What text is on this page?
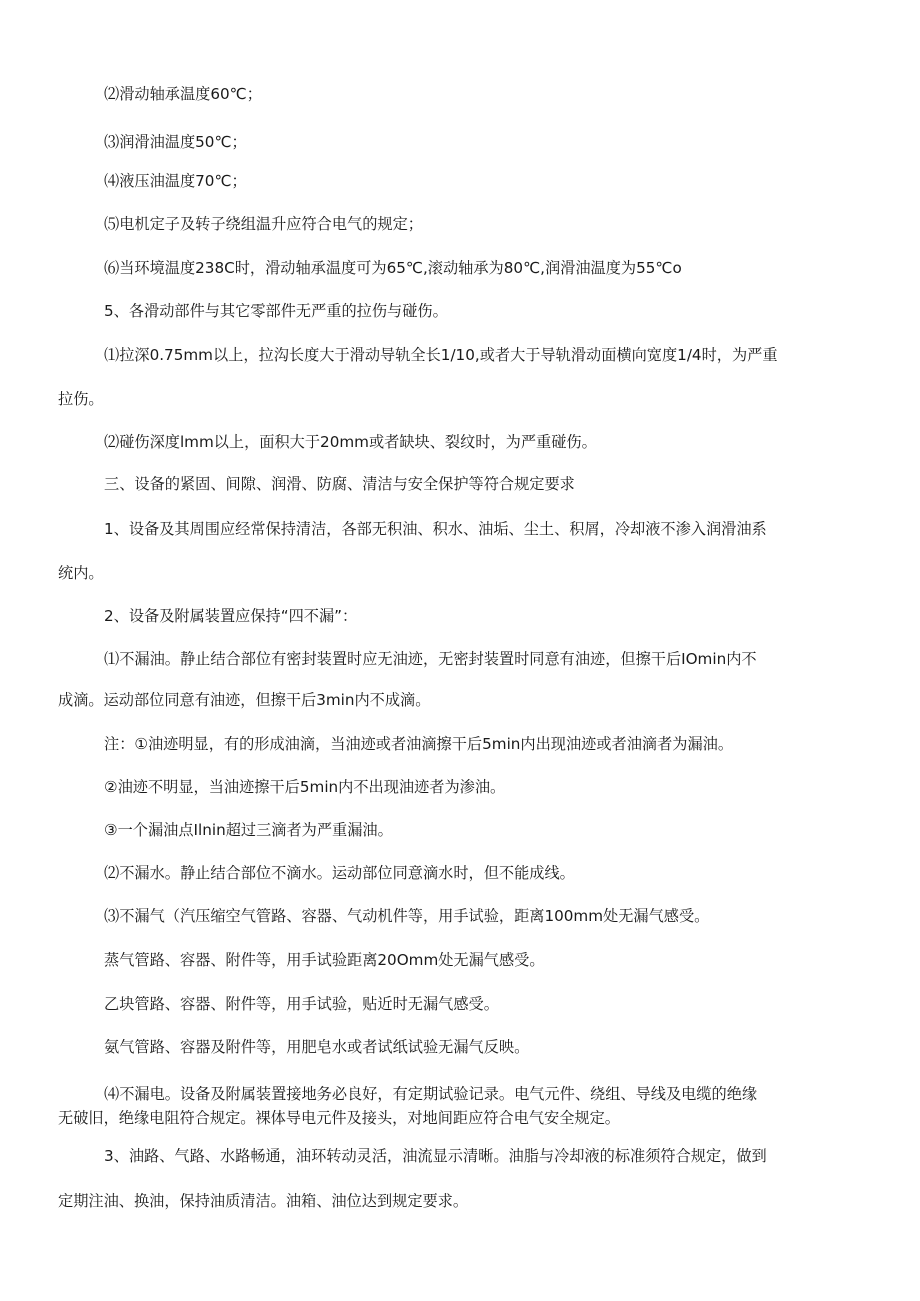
⑵滑动轴承温度60℃；

⑶润滑油温度50℃；

⑷液压油温度70℃；

⑸电机定子及转子绕组温升应符合电气的规定；

⑹当环境温度238C时，滑动轴承温度可为65℃,滚动轴承为80℃,润滑油温度为55℃o

5、各滑动部件与其它零部件无严重的拉伤与碰伤。

⑴拉深0.75mm以上，拉沟长度大于滑动导轨全长1/10,或者大于导轨滑动面横向宽度1/4时，为严重

拉伤。

⑵碰伤深度lmm以上，面积大于20mm或者缺块、裂纹时，为严重碰伤。

三、设备的紧固、间隙、润滑、防腐、清洁与安全保护等符合规定要求

1、设备及其周围应经常保持清洁，各部无积油、积水、油垢、尘土、积屑，冷却液不渗入润滑油系

统内。

2、设备及附属装置应保持“四不漏”：

⑴不漏油。静止结合部位有密封装置时应无油迹，无密封装置时同意有油迹，但擦干后IOmin内不

成滴。运动部位同意有油迹，但擦干后3min内不成滴。

注：①油迹明显，有的形成油滴，当油迹或者油滴擦干后5min内出现油迹或者油滴者为漏油。

②油迹不明显，当油迹擦干后5min内不出现油迹者为渗油。

③一个漏油点Ilnin超过三滴者为严重漏油。

⑵不漏水。静止结合部位不滴水。运动部位同意滴水时，但不能成线。

⑶不漏气（汽压缩空气管路、容器、气动机件等，用手试验，距离100mm处无漏气感受。

蒸气管路、容器、附件等，用手试验距离20Omm处无漏气感受。

乙块管路、容器、附件等，用手试验，贴近时无漏气感受。

氨气管路、容器及附件等，用肥皂水或者试纸试验无漏气反映。

⑷不漏电。设备及附属装置接地务必良好，有定期试验记录。电气元件、绕组、导线及电缆的绝缘

无破旧，绝缘电阻符合规定。裸体导电元件及接头，对地间距应符合电气安全规定。

3、油路、气路、水路畅通，油环转动灵活，油流显示清晰。油脂与冷却液的标准须符合规定，做到

定期注油、换油，保持油质清洁。油箱、油位达到规定要求。
